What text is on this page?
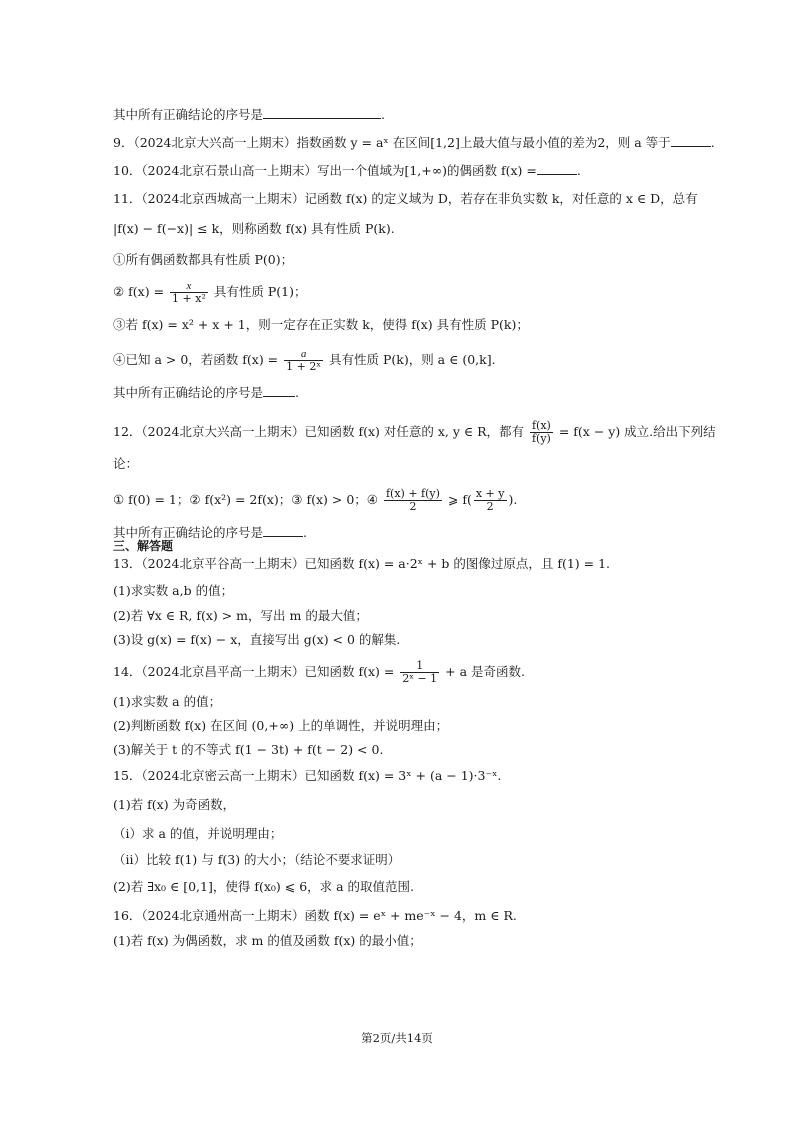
其中所有正确结论的序号是	.
9．（2024北京大兴高一上期末）指数函数 y = aˣ 在区间[1,2]上最大值与最小值的差为2，则 a 等于	.
10．（2024北京石景山高一上期末）写出一个值域为[1,+∞)的偶函数 f(x) =	.
11．（2024北京西城高一上期末）记函数 f(x) 的定义域为 D，若存在非负实数 k，对任意的 x ∈ D，总有
|f(x) − f(−x)| ≤ k，则称函数 f(x) 具有性质 P(k).
①所有偶函数都具有性质 P(0)；
② $f(x) = \frac{x}{\text{1 + x²}}$ 具有性质 P(1)；
③若 f(x) = x² + x + 1，则一定存在正实数 k，使得 f(x) 具有性质 P(k)；
④已知 a > 0，若函数 $f(x) = \frac{a}{\text{1 + 2ˣ}}$ 具有性质 P(k)，则 a ∈ (0,k].
其中所有正确结论的序号是	.
12．（2024北京大兴高一上期末）已知函数 f(x) 对任意的 x, y ∈ R，都有 $\frac{f(x)}{f(y)} = f(x - y)$ 成立.给出下列结
论：
① f(0) = 1；② f(x²) = 2f(x)；③ f(x) > 0；④ $\frac{f(x) + f(y)}{2}$ ⩾ $f( \frac{x + y}{2}$ ).
其中所有正确结论的序号是	.
三、解答题
13．（2024北京平谷高一上期末）已知函数 f(x) = a·2ˣ + b 的图像过原点，且 f(1) = 1.
(1)求实数 a,b 的值；
(2)若 ∀x ∈ R, f(x) > m，写出 m 的最大值；
(3)设 g(x) = f(x) − x，直接写出 g(x) < 0 的解集.
14．（2024北京昌平高一上期末）已知函数 $f(x) = \frac{1}{\text{2ˣ − 1}} + a$ 是奇函数.
(1)求实数 a 的值；
(2)判断函数 f(x) 在区间 (0,+∞) 上的单调性，并说明理由；
(3)解关于 t 的不等式 f(1 − 3t) + f(t − 2) < 0.
15．（2024北京密云高一上期末）已知函数 f(x) = 3ˣ + (a − 1)·3⁻ˣ.
(1)若 f(x) 为奇函数，
（i）求 a 的值，并说明理由；
（ii）比较 f(1) 与 f(3) 的大小；（结论不要求证明）
(2)若 ∃x₀ ∈ [0,1]，使得 f(x₀) ⩽ 6，求 a 的取值范围.
16．（2024北京通州高一上期末）函数 f(x) = eˣ + me⁻ˣ − 4，m ∈ R.
(1)若 f(x) 为偶函数，求 m 的值及函数 f(x) 的最小值；
第2页/共14页
